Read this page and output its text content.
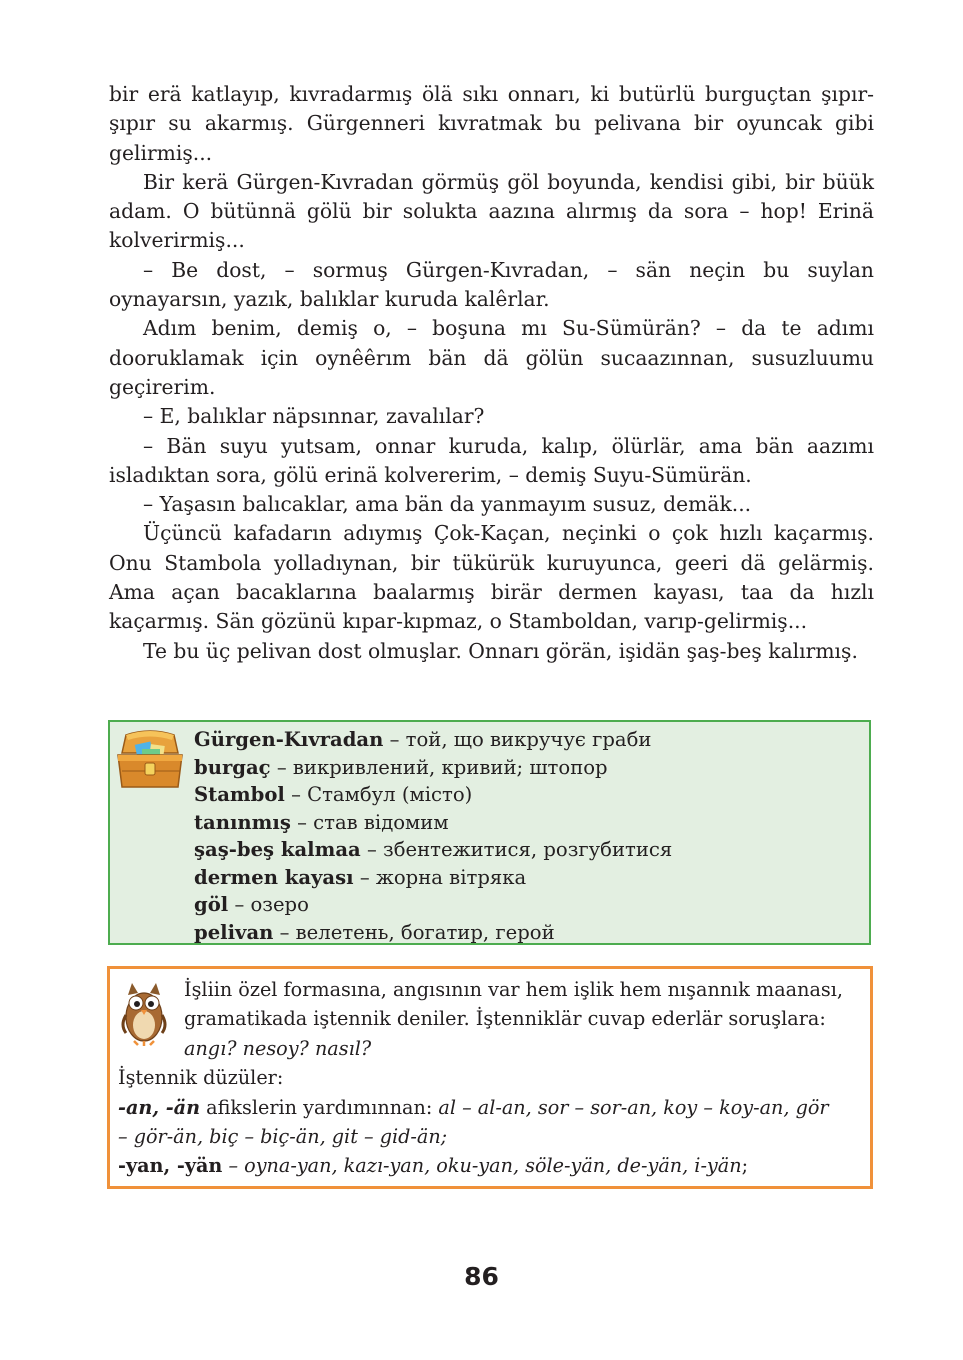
bir erä katlayıp, kıvradarmış ölä sıkı onnarı, ki butürlü burguçtan şıpır-şıpır su akarmış. Gürgenneri kıvratmak bu pelivana bir oyuncak gibi gelirmiş...

Bir kerä Gürgen-Kıvradan görmüş göl boyunda, kendisi gibi, bir büük adam. O bütünnä gölü bir solukta aazına alırmış da sora – hop! Erinä kolverirmiş...

– Be dost, – sormuş Gürgen-Kıvradan, – sän neçin bu suylan oynayarsın, yazık, balıklar kuruda kalêrlar.

Adım benim, demiş o, – boşuna mı Su-Sümürän? – da te adımı dooruklamak için oynêêrım bän dä gölün sucaazınnan, susuzluumu geçirerim.

– E, balıklar näpsınnar, zavalılar?

– Bän suyu yutsam, onnar kuruda, kalıp, ölürlär, ama bän aazımı isladıktan sora, gölü erinä kolvererim, – demiş Suyu-Sümürän.

– Yaşasın balıcaklar, ama bän da yanmayım susuz, demäk...

Üçüncü kafadarın adıymış Çok-Kaçan, neçinki o çok hızlı kaçarmış. Onu Stambola yolladıynan, bir tükürük kuruyunca, geeri dä gelärmiş. Ama açan bacaklarına baalarmış birär dermen kayası, taa da hızlı kaçarmış. Sän gözünü kıpar-kıpmaz, o Stamboldan, varıp-gelirmiş...

Te bu üç pelivan dost olmuşlar. Onnarı görän, işidän şaş-beş kalırmış.

Gürgen-Kıvradan – той, що викручує граби
burgaç – викривлений, кривий; штопор
Stambol – Стамбул (місто)
tanınmış – став відомим
şaş-beş kalmaa – збентежитися, розгубитися
dermen kayası – жорна вітряка
göl – озеро
pelivan – велетень, богатир, герой
İşliin özel formasına, angısının var hem işlik hem nışannık maanası,
gramatikada iştennik deniler. İştenniklär cuvap ederlär soruşlara:
angı? nesoy? nasıl?
İştennik düzüler:
-an, -än afikslerin yardımınnan: al – al-an, sor – sor-an, koy – koy-an, gör
– gör-än, biç – biç-än, git – gid-än;
-yan, -yän – oyna-yan, kazı-yan, oku-yan, söle-yän, de-yän, i-yän;
86
